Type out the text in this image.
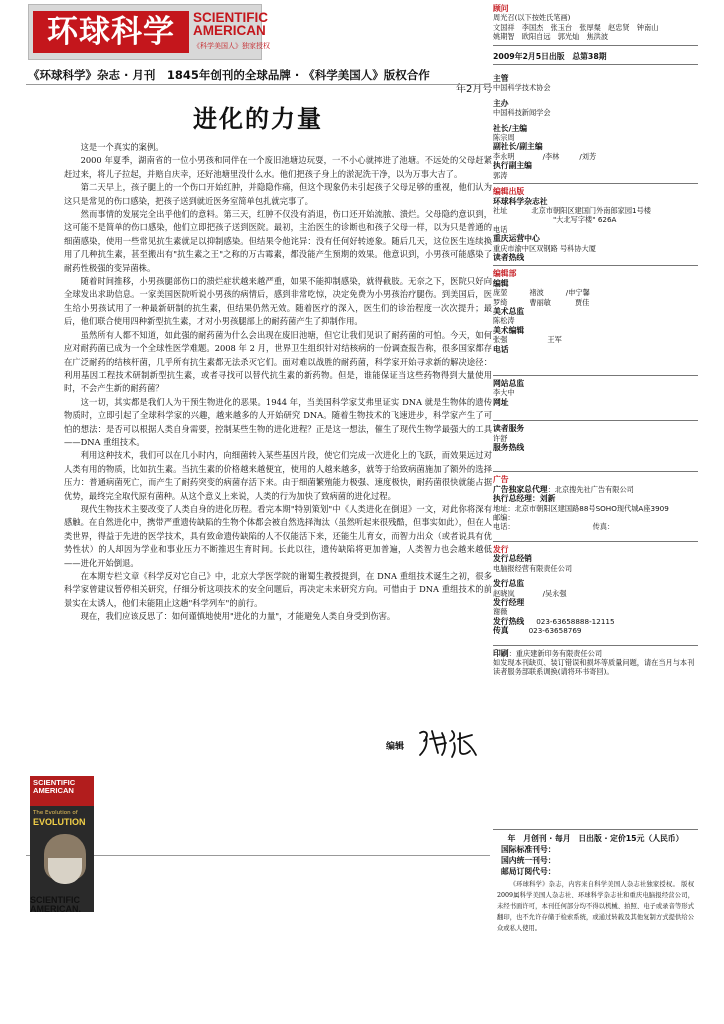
环球科学	SCIENTIFIC
AMERICAN
《科学美国人》独家授权
《环球科学》杂志 · 月刊　1845年创刊的全球品牌 · 《科学美国人》版权合作
年2月号
进化的力量

这是一个真实的案例。

2000 年夏季，湖南省的一位小男孩和同伴在一个废旧池塘边玩耍，一不小心就摔进了池塘。不远处的父母赶紧赶过来，将儿子拉起，并赔自庆幸，还好池塘里没什么水。他们把孩子身上的淤泥洗干净，以为万事大吉了。

第二天早上，孩子腿上的一个伤口开始红肿，并隐隐作痛，但这个现象仍未引起孩子父母足够的重视，他们认为这只是常见的伤口感染，把孩子送到就近医务室简单包扎就完事了。

然而事情的发展完全出乎他们的意料。第三天，红肿不仅没有消退，伤口还开始流脓、溃烂。父母隐约意识到，这可能不是简单的伤口感染，他们立即把孩子送到医院。最初，主治医生的诊断也和孩子父母一样，以为只是普通的细菌感染，使用一些常见抗生素就足以抑制感染。但结果令他诧异：没有任何好转迹象。随后几天，这位医生连续换用了几种抗生素，甚至搬出有"抗生素之王"之称的万古霉素，都没能产生预期的效果。他意识到，小男孩可能感染了耐药性极强的变异菌株。

随着时间推移，小男孩腿部伤口的溃烂症状越来越严重，如果不能抑制感染，就得截肢。无奈之下，医院只好向全球发出求助信息。一家美国医院听说小男孩的病情后，感到非常吃惊，决定免费为小男孩治疗腿伤。到美国后，医生给小男孩试用了一种最新研制的抗生素，但结果仍然无效。随着医疗的深入，医生们的诊治程度一次次提升；最后，他们联合使用四种新型抗生素，才对小男孩腿部上的耐药菌产生了抑制作用。

虽然所有人都不知道，如此强的耐药菌为什么会出现在废旧池塘，但它让我们见识了耐药菌的可怕。今天，如何应对耐药菌已成为一个全球性医学难题。2008 年 2 月，世界卫生组织针对结核病的一份调查报告称，很多国家都存在广泛耐药的结核杆菌，几乎所有抗生素都无法杀灭它们。面对难以战胜的耐药菌，科学家开始寻求新的解决途径：利用基因工程技术研制新型抗生素，或者寻找可以替代抗生素的新药物。但是，谁能保证当这些药物得到大量使用时，不会产生新的耐药菌？

这一切，其实都是我们人为干预生物进化的恶果。1944 年，当美国科学家艾弗里证实 DNA 就是生物体的遗传物质时，立即引起了全球科学家的兴趣，越来越多的人开始研究 DNA。随着生物技术的飞速进步，科学家产生了可怕的想法：是否可以根据人类自身需要，控制某些生物的进化进程？正是这一想法，催生了现代生物学最强大的工具——DNA 重组技术。

利用这种技术，我们可以在几小时内，向细菌转入某些基因片段，使它们完成一次进化上的飞跃，而效果远过对人类有用的物质，比如抗生素。当抗生素的价格越来越便宜，使用的人越来越多，就等于给致病菌施加了额外的选择压力：普通病菌死亡，而产生了耐药突变的病菌存活下来。由于细菌繁殖能力极强、速度极快，耐药菌很快就能占据优势，最终完全取代原有菌种。从这个意义上来说，人类的行为加快了致病菌的进化过程。

现代生物技术主要改变了人类自身的进化历程。看完本期"特别策划"中《人类进化在倒退》一文，对此你将深有感触。在自然进化中，携带严重遗传缺陷的生物个体都会被自然选择淘汰（虽然听起来很残酷，但事实如此），但在人类世界，得益于先进的医学技术，具有致命遗传缺陷的人不仅能活下来，还能生儿育女，而智力出众（或者说具有优势性状）的人却因为学业和事业压力不断推迟生育时间。长此以往，遗传缺陷将更加普遍，人类智力也会越来越低——进化开始倒退。

在本期专栏文章《科学反对它自己》中，北京大学医学院的谢蜀生教授提到，在 DNA 重组技术诞生之初，很多科学家曾建议暂停相关研究，仔细分析这项技术的安全问题后，再决定未来研究方向。可惜由于 DNA 重组技术的前景实在太诱人，他们未能阻止这趟"科学列车"的前行。

现在，我们应该反思了：如何谨慎地使用"进化的力量"，才能避免人类自身受到伤害。

编辑
SCIENTIFIC AMERICAN
The Evolution of
EVOLUTION
SCIENTIFIC
AMERICAN.
顾问
周光召(以下按姓氏笔画)
文国祥　李国杰　张玉台　张厚粲　赵忠贤　钟南山
姚期智　欧阳自远　郭光灿　焦洪波
2009年2月5日出版　总第38期
主管
中国科学技术协会
主办
中国科技新闻学会
社长/主编
陈宗周
副社长/副主编
李永明	/李林	/刘芳
执行副主编
郭涛
编辑出版
环球科学杂志社
社址	北京市朝阳区建国门外南郎家园1号楼
"大北写字楼" 626A
电话
重庆运营中心
重庆市渝中区双钢路 号科协大厦
读者热线
编辑部
编辑
庞堃	褚波	/申宁馨
罗绮	曹丽敏	贾佳
美术总监
陈松涛
美术编辑
张强	王军
电话
网站总监
李大中
网址
读者服务
许舒
服务热线
广告
广告独家总代理：北京搜先社广告有限公司
执行总经理：刘新
地址：北京市朝阳区建国路88号SOHO现代城A座3909
邮编：
电话：	传真：
发行
发行总经销
电脑报经营有限责任公司
发行总监
赵晓岚	/吴永强
发行经理
谢薇
发行热线 023-63658888-12115
传真	023-63658769
印刷：重庆建新印务有限责任公司
如发现本刊缺页、装订错误和损坏等质量问题，请在当月与本刊读者服务部联系调换(请将环书寄回)。
年　月创刊 · 每月　日出版 · 定价15元（人民币）
国际标准刊号：
国内统一刊号：
邮局订阅代号：
《环球科学》杂志，内容来自科学美国人杂志社独家授权。 版权2009属科学美国人杂志社、环球科学杂志社和重庆电脑报经营公司，未经书面许可，本刊任何部分均不得以机械、拍照、电子或录音等形式翻印，也不允许存储于检索系统，或通过转载及其他复制方式提供给公众或私人使用。
